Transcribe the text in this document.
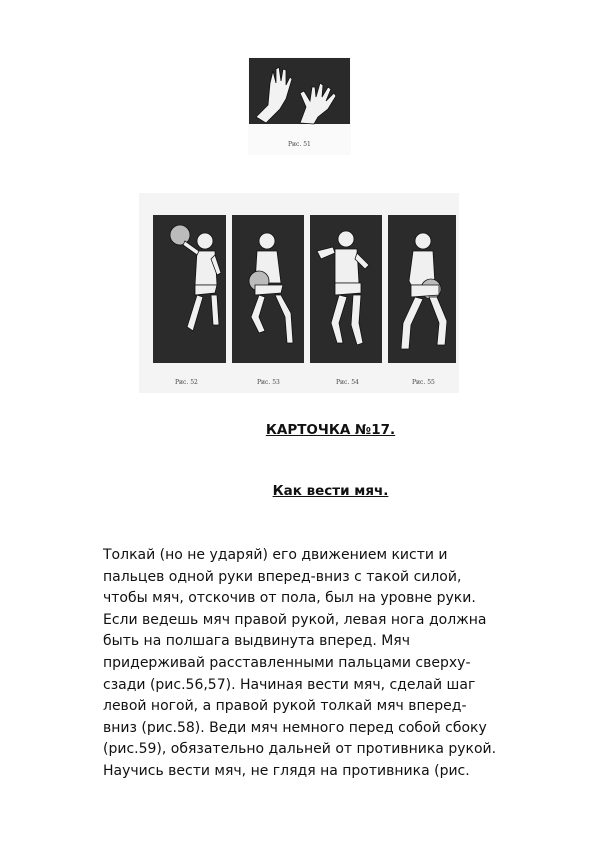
Рис. 51
Рис. 52	Рис. 53	Рис. 54	Рис. 55
КАРТОЧКА №17.
Как вести мяч.
Толкай (но не ударяй) его движением кисти и
пальцев одной руки вперед-вниз с такой силой,
чтобы мяч, отскочив от пола, был на уровне руки.
Если ведешь мяч правой рукой, левая нога должна
быть на полшага выдвинута вперед. Мяч
придерживай расставленными пальцами сверху-
сзади (рис.56,57). Начиная вести мяч, сделай шаг
левой ногой, а правой рукой толкай мяч вперед-
вниз (рис.58). Веди мяч немного перед собой сбоку
(рис.59), обязательно дальней от противника рукой.
Научись вести мяч, не глядя на противника (рис.
